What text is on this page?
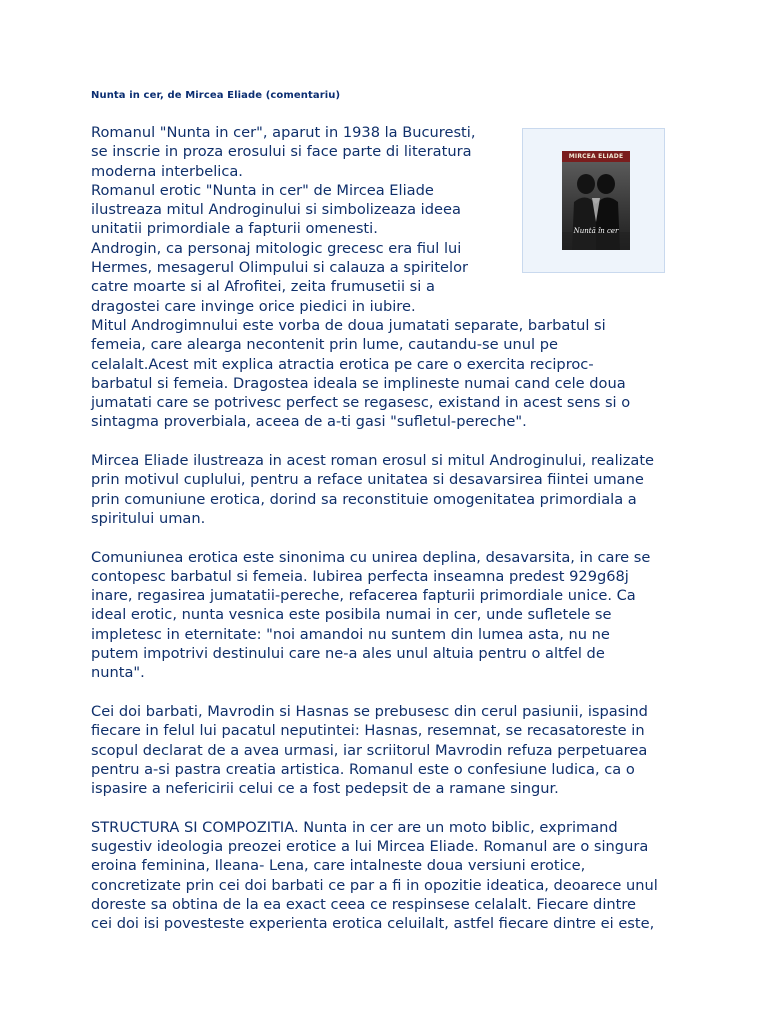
Nunta in cer, de Mircea Eliade (comentariu)
MIRCEA ELIADE
Nuntă în cer
Romanul "Nunta in cer", aparut in 1938 la Bucuresti,
se inscrie in proza erosului si face parte di literatura
moderna interbelica.
Romanul erotic "Nunta in cer" de Mircea Eliade
ilustreaza mitul Androginului si simbolizeaza ideea
unitatii primordiale a fapturii omenesti.
Androgin, ca personaj mitologic grecesc era fiul lui
Hermes, mesagerul Olimpului si calauza a spiritelor
catre moarte si al Afrofitei, zeita frumusetii si a
dragostei care invinge orice piedici in iubire.
Mitul Androgimnului este vorba de doua jumatati separate, barbatul si
femeia, care alearga necontenit prin lume, cautandu-se unul pe
celalalt.Acest mit explica atractia erotica pe care o exercita reciproc-
barbatul si femeia. Dragostea ideala se implineste numai cand cele doua
jumatati care se potrivesc perfect se regasesc, existand in acest sens si o
sintagma proverbiala, aceea de a-ti gasi "sufletul-pereche".
Mircea Eliade ilustreaza in acest roman erosul si mitul Androginului, realizate
prin motivul cuplului, pentru a reface unitatea si desavarsirea fiintei umane
prin comuniune erotica, dorind sa reconstituie omogenitatea primordiala a
spiritului uman.
Comuniunea erotica este sinonima cu unirea deplina, desavarsita, in care se
contopesc barbatul si femeia. Iubirea perfecta inseamna predest 929g68j
inare, regasirea jumatatii-pereche, refacerea fapturii primordiale unice. Ca
ideal erotic, nunta vesnica este posibila numai in cer, unde sufletele se
impletesc in eternitate: "noi amandoi nu suntem din lumea asta, nu ne
putem impotrivi destinului care ne-a ales unul altuia pentru o altfel de
nunta".
Cei doi barbati, Mavrodin si Hasnas se prebusesc din cerul pasiunii, ispasind
fiecare in felul lui pacatul neputintei: Hasnas, resemnat, se recasatoreste in
scopul declarat de a avea urmasi, iar scriitorul Mavrodin refuza perpetuarea
pentru a-si pastra creatia artistica. Romanul este o confesiune ludica, ca o
ispasire a nefericirii celui ce a fost pedepsit de a ramane singur.
STRUCTURA SI COMPOZITIA. Nunta in cer are un moto biblic, exprimand
sugestiv ideologia preozei erotice a lui Mircea Eliade. Romanul are o singura
eroina feminina, Ileana- Lena, care intalneste doua versiuni erotice,
concretizate prin cei doi barbati ce par a fi in opozitie ideatica, deoarece unul
doreste sa obtina de la ea exact ceea ce respinsese celalalt. Fiecare dintre
cei doi isi povesteste experienta erotica celuilalt, astfel fiecare dintre ei este,
